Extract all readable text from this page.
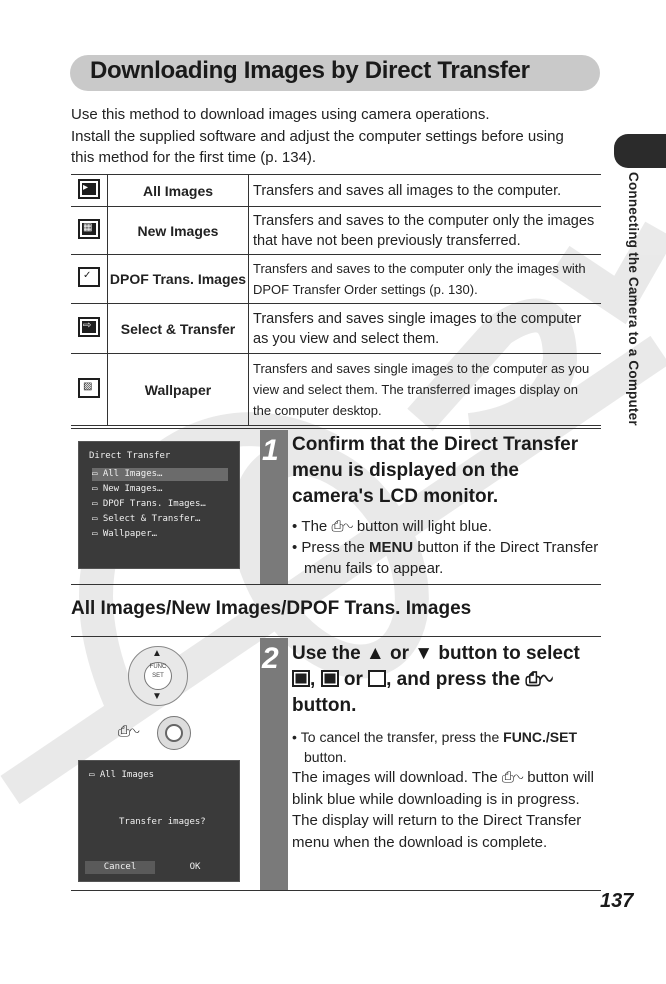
Downloading Images by Direct Transfer
Use this method to download images using camera operations.
Install the supplied software and adjust the computer settings before using
this method for the first time (p. 134).
Connecting the Camera to a Computer
▸	All Images	Transfers and saves all images to the computer.

▦	New Images	Transfers and saves to the computer only the images that have not been previously transferred.

✓	DPOF Trans. Images	Transfers and saves to the computer only the images with DPOF Transfer Order settings (p. 130).

⇨	Select & Transfer	Transfers and saves single images to the computer as you view and select them.

▨	Wallpaper	Transfers and saves single images to the computer as you view and select them. The transferred images display on the computer desktop.
1
Direct Transfer
▭ All Images…
▭ New Images…
▭ DPOF Trans. Images…
▭ Select & Transfer…
▭ Wallpaper…
Confirm that the Direct Transfer menu is displayed on the camera's LCD monitor.
• The ⎙∿ button will light blue.
• Press the MENU button if the Direct Transfer menu fails to appear.
All Images/New Images/DPOF Trans. Images
2
▲
▼
FUNC SET
⎙∿
▭ All Images
Transfer images?
Cancel	OK
Use the ▲ or ▼ button to select
, or , and press the ⎙∿
button.
• To cancel the transfer, press the FUNC./SET button.
The images will download. The ⎙∿ button will blink blue while downloading is in progress. The display will return to the Direct Transfer menu when the download is complete.
137
